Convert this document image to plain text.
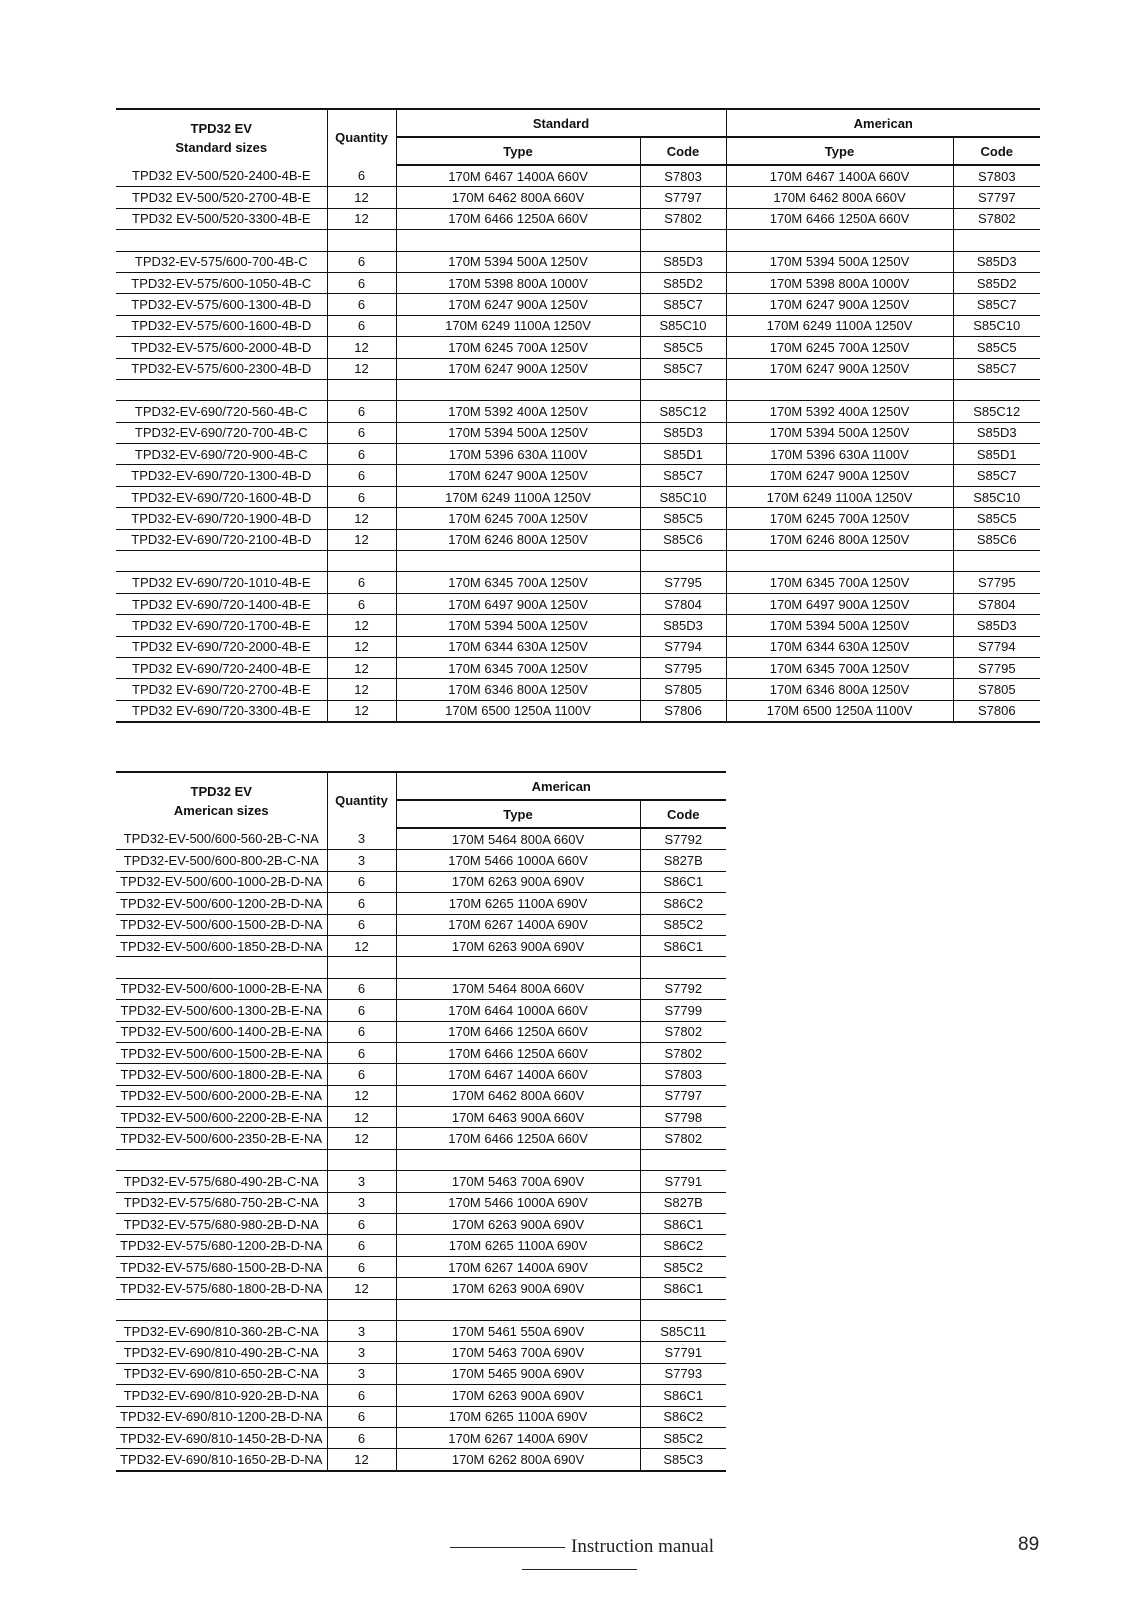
TPD32 EV
Standard sizes	Quantity	Standard		American	
		Type	Code	Type	Code
TPD32 EV-500/520-2400-4B-E	6	170M 6467 1400A 660V	S7803	170M 6467 1400A 660V	S7803
TPD32 EV-500/520-2700-4B-E	12	170M 6462 800A 660V	S7797	170M 6462 800A 660V	S7797
TPD32 EV-500/520-3300-4B-E	12	170M 6466 1250A 660V	S7802	170M 6466 1250A 660V	S7802

TPD32-EV-575/600-700-4B-C	6	170M 5394 500A 1250V	S85D3	170M 5394 500A 1250V	S85D3
TPD32-EV-575/600-1050-4B-C	6	170M 5398 800A 1000V	S85D2	170M 5398 800A 1000V	S85D2
TPD32-EV-575/600-1300-4B-D	6	170M 6247 900A 1250V	S85C7	170M 6247 900A 1250V	S85C7
TPD32-EV-575/600-1600-4B-D	6	170M 6249 1100A 1250V	S85C10	170M 6249 1100A 1250V	S85C10
TPD32-EV-575/600-2000-4B-D	12	170M 6245 700A 1250V	S85C5	170M 6245 700A 1250V	S85C5
TPD32-EV-575/600-2300-4B-D	12	170M 6247 900A 1250V	S85C7	170M 6247 900A 1250V	S85C7

TPD32-EV-690/720-560-4B-C	6	170M 5392 400A 1250V	S85C12	170M 5392 400A 1250V	S85C12
TPD32-EV-690/720-700-4B-C	6	170M 5394 500A 1250V	S85D3	170M 5394 500A 1250V	S85D3
TPD32-EV-690/720-900-4B-C	6	170M 5396 630A 1100V	S85D1	170M 5396 630A 1100V	S85D1
TPD32-EV-690/720-1300-4B-D	6	170M 6247 900A 1250V	S85C7	170M 6247 900A 1250V	S85C7
TPD32-EV-690/720-1600-4B-D	6	170M 6249 1100A 1250V	S85C10	170M 6249 1100A 1250V	S85C10
TPD32-EV-690/720-1900-4B-D	12	170M 6245 700A 1250V	S85C5	170M 6245 700A 1250V	S85C5
TPD32-EV-690/720-2100-4B-D	12	170M 6246 800A 1250V	S85C6	170M 6246 800A 1250V	S85C6

TPD32 EV-690/720-1010-4B-E	6	170M 6345 700A 1250V	S7795	170M 6345 700A 1250V	S7795
TPD32 EV-690/720-1400-4B-E	6	170M 6497 900A 1250V	S7804	170M 6497 900A 1250V	S7804
TPD32 EV-690/720-1700-4B-E	12	170M 5394 500A 1250V	S85D3	170M 5394 500A 1250V	S85D3
TPD32 EV-690/720-2000-4B-E	12	170M 6344 630A 1250V	S7794	170M 6344 630A 1250V	S7794
TPD32 EV-690/720-2400-4B-E	12	170M 6345 700A 1250V	S7795	170M 6345 700A 1250V	S7795
TPD32 EV-690/720-2700-4B-E	12	170M 6346 800A 1250V	S7805	170M 6346 800A 1250V	S7805
TPD32 EV-690/720-3300-4B-E	12	170M 6500 1250A 1100V	S7806	170M 6500 1250A 1100V	S7806
TPD32 EV
American sizes	Quantity	American	
		Type	Code
TPD32-EV-500/600-560-2B-C-NA	3	170M 5464 800A 660V	S7792
TPD32-EV-500/600-800-2B-C-NA	3	170M 5466 1000A 660V	S827B
TPD32-EV-500/600-1000-2B-D-NA	6	170M 6263 900A 690V	S86C1
TPD32-EV-500/600-1200-2B-D-NA	6	170M 6265 1100A 690V	S86C2
TPD32-EV-500/600-1500-2B-D-NA	6	170M 6267 1400A 690V	S85C2
TPD32-EV-500/600-1850-2B-D-NA	12	170M 6263 900A 690V	S86C1

TPD32-EV-500/600-1000-2B-E-NA	6	170M 5464 800A 660V	S7792
TPD32-EV-500/600-1300-2B-E-NA	6	170M 6464 1000A 660V	S7799
TPD32-EV-500/600-1400-2B-E-NA	6	170M 6466 1250A 660V	S7802
TPD32-EV-500/600-1500-2B-E-NA	6	170M 6466 1250A 660V	S7802
TPD32-EV-500/600-1800-2B-E-NA	6	170M 6467 1400A 660V	S7803
TPD32-EV-500/600-2000-2B-E-NA	12	170M 6462 800A 660V	S7797
TPD32-EV-500/600-2200-2B-E-NA	12	170M 6463 900A 660V	S7798
TPD32-EV-500/600-2350-2B-E-NA	12	170M 6466 1250A 660V	S7802

TPD32-EV-575/680-490-2B-C-NA	3	170M 5463 700A 690V	S7791
TPD32-EV-575/680-750-2B-C-NA	3	170M 5466 1000A 690V	S827B
TPD32-EV-575/680-980-2B-D-NA	6	170M 6263 900A 690V	S86C1
TPD32-EV-575/680-1200-2B-D-NA	6	170M 6265 1100A 690V	S86C2
TPD32-EV-575/680-1500-2B-D-NA	6	170M 6267 1400A 690V	S85C2
TPD32-EV-575/680-1800-2B-D-NA	12	170M 6263 900A 690V	S86C1

TPD32-EV-690/810-360-2B-C-NA	3	170M 5461 550A 690V	S85C11
TPD32-EV-690/810-490-2B-C-NA	3	170M 5463 700A 690V	S7791
TPD32-EV-690/810-650-2B-C-NA	3	170M 5465 900A 690V	S7793
TPD32-EV-690/810-920-2B-D-NA	6	170M 6263 900A 690V	S86C1
TPD32-EV-690/810-1200-2B-D-NA	6	170M 6265 1100A 690V	S86C2
TPD32-EV-690/810-1450-2B-D-NA	6	170M 6267 1400A 690V	S85C2
TPD32-EV-690/810-1650-2B-D-NA	12	170M 6262 800A 690V	S85C3
Instruction manual	89
